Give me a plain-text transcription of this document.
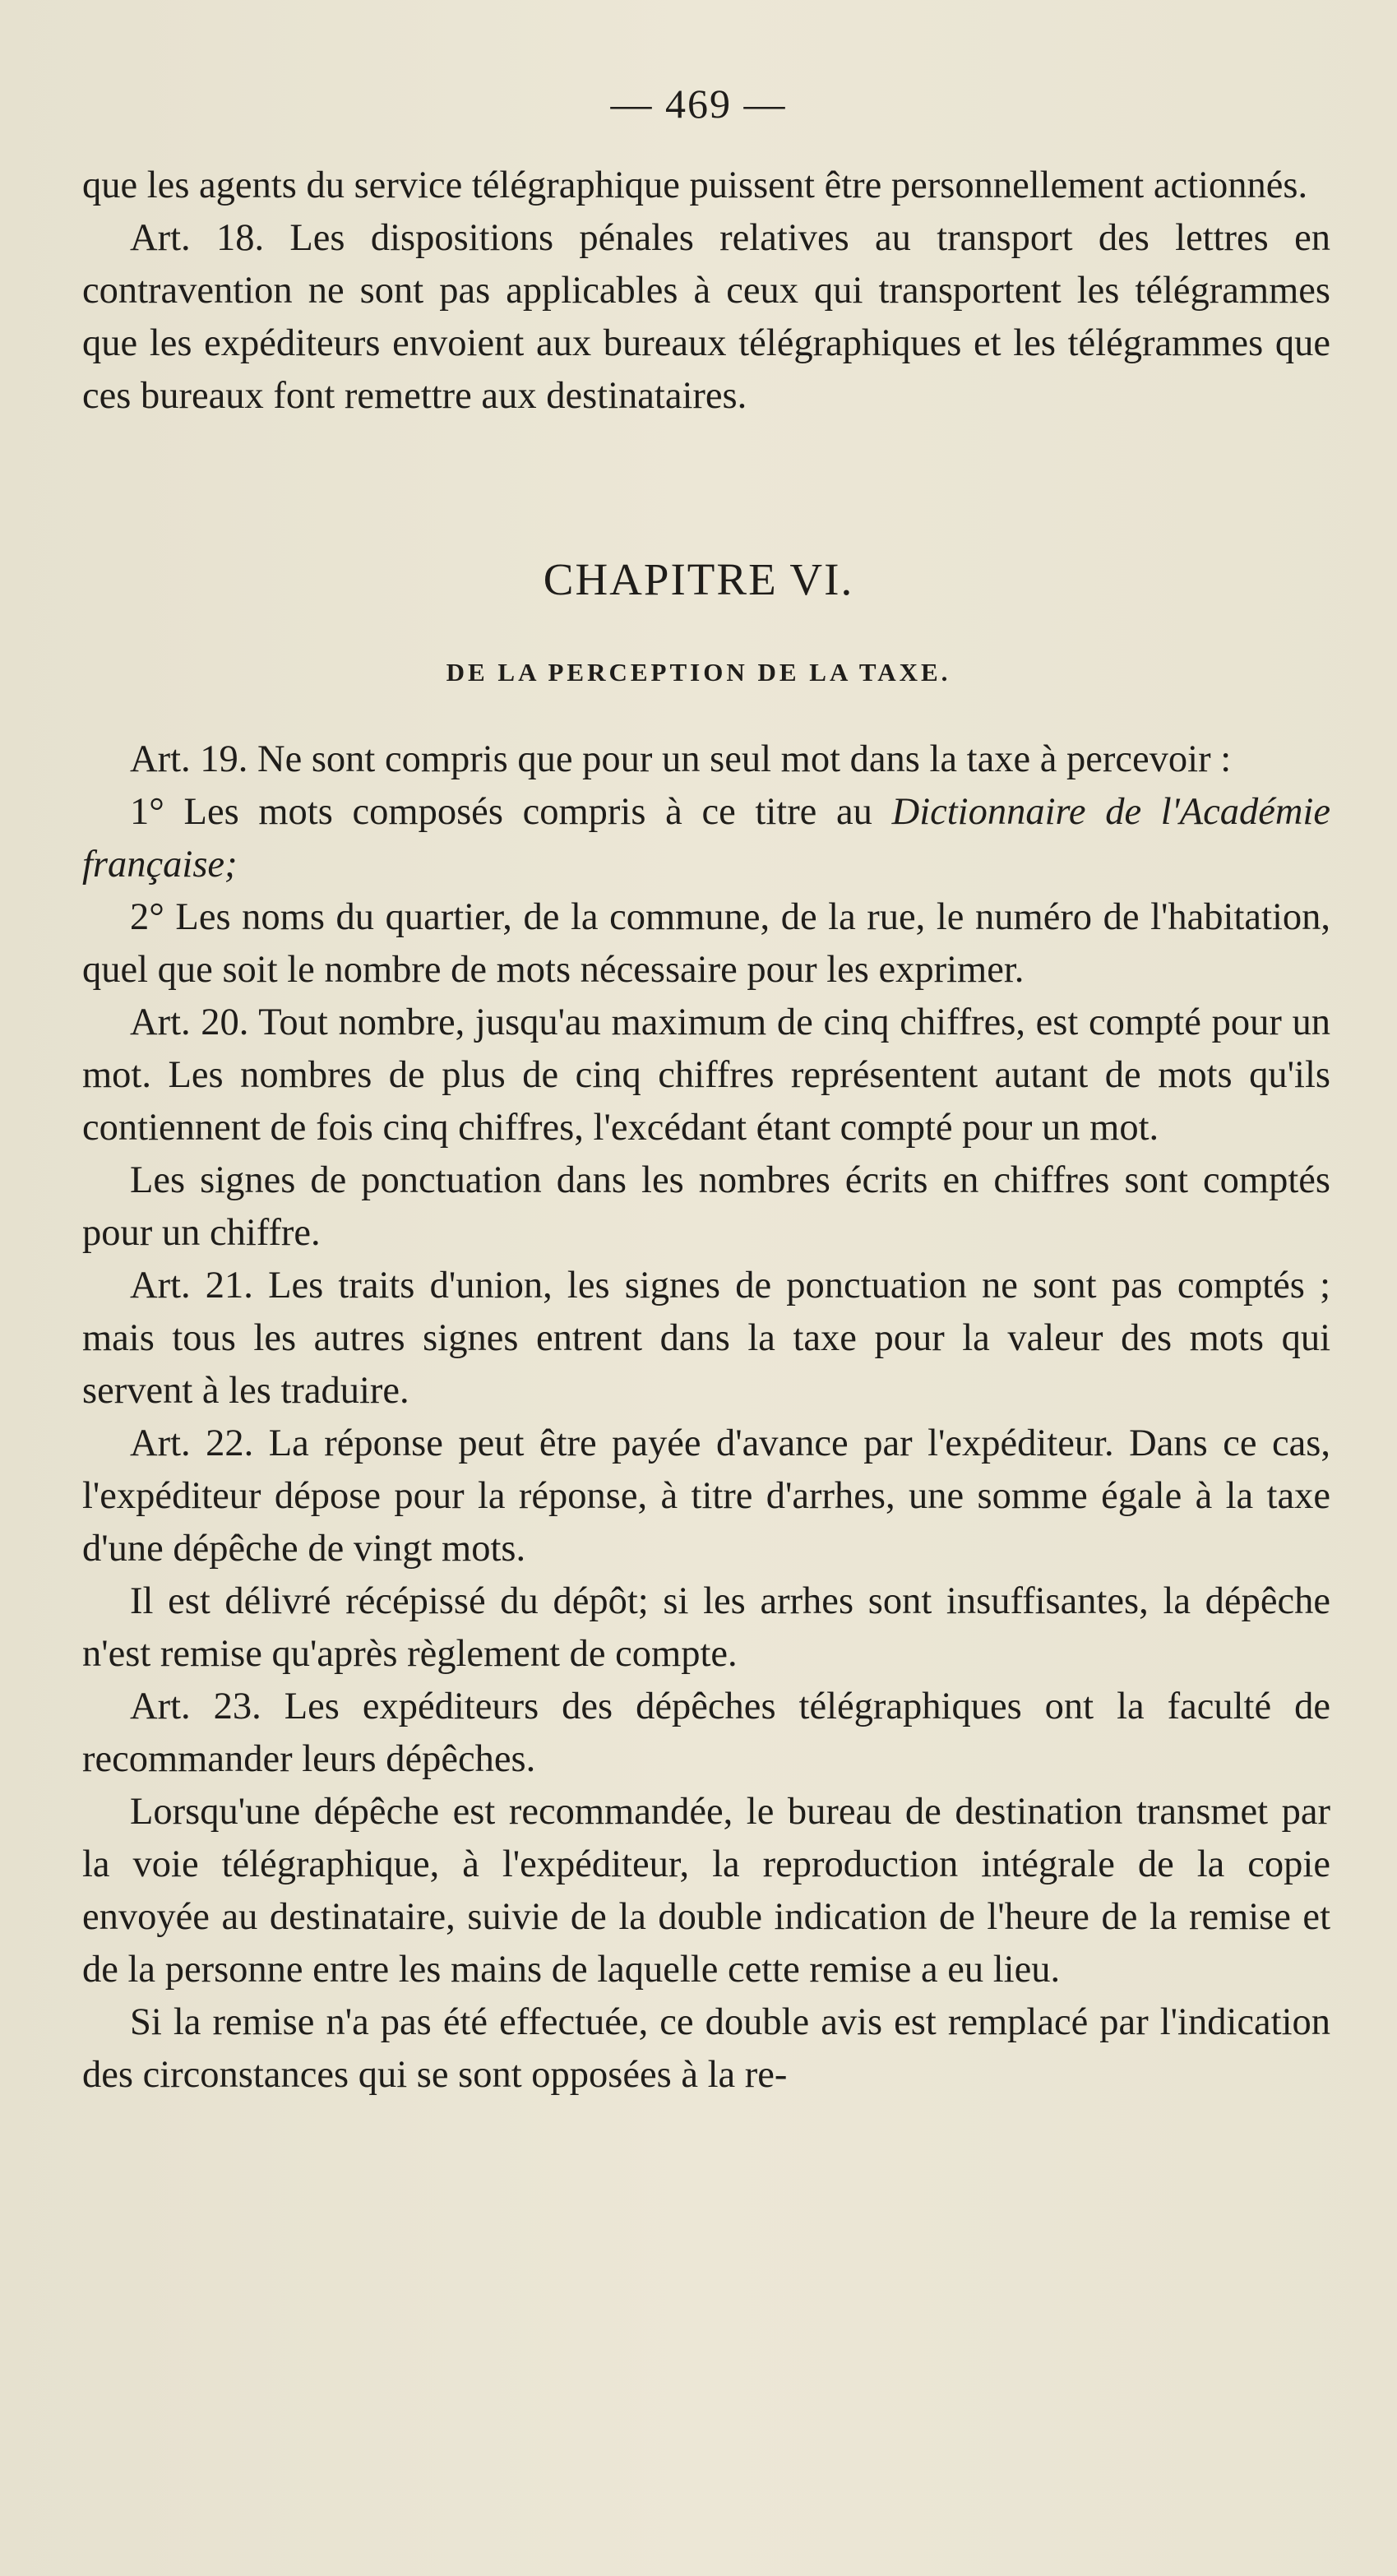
— 469 —

que les agents du service télégraphique puissent être personnellement actionnés.

Art. 18. Les dispositions pénales relatives au transport des lettres en contravention ne sont pas applicables à ceux qui transportent les télégrammes que les expéditeurs envoient aux bureaux télégraphiques et les télégrammes que ces bureaux font remettre aux destinataires.

CHAPITRE VI.
DE LA PERCEPTION DE LA TAXE.

Art. 19. Ne sont compris que pour un seul mot dans la taxe à percevoir :

1° Les mots composés compris à ce titre au Dictionnaire de l'Académie française;

2° Les noms du quartier, de la commune, de la rue, le numéro de l'habitation, quel que soit le nombre de mots nécessaire pour les exprimer.

Art. 20. Tout nombre, jusqu'au maximum de cinq chiffres, est compté pour un mot. Les nombres de plus de cinq chiffres représentent autant de mots qu'ils contiennent de fois cinq chiffres, l'excédant étant compté pour un mot.

Les signes de ponctuation dans les nombres écrits en chiffres sont comptés pour un chiffre.

Art. 21. Les traits d'union, les signes de ponctuation ne sont pas comptés ; mais tous les autres signes entrent dans la taxe pour la valeur des mots qui servent à les traduire.

Art. 22. La réponse peut être payée d'avance par l'expéditeur. Dans ce cas, l'expéditeur dépose pour la réponse, à titre d'arrhes, une somme égale à la taxe d'une dépêche de vingt mots.

Il est délivré récépissé du dépôt; si les arrhes sont insuffisantes, la dépêche n'est remise qu'après règlement de compte.

Art. 23. Les expéditeurs des dépêches télégraphiques ont la faculté de recommander leurs dépêches.

Lorsqu'une dépêche est recommandée, le bureau de destination transmet par la voie télégraphique, à l'expéditeur, la reproduction intégrale de la copie envoyée au destinataire, suivie de la double indication de l'heure de la remise et de la personne entre les mains de laquelle cette remise a eu lieu.

Si la remise n'a pas été effectuée, ce double avis est remplacé par l'indication des circonstances qui se sont opposées à la re-
